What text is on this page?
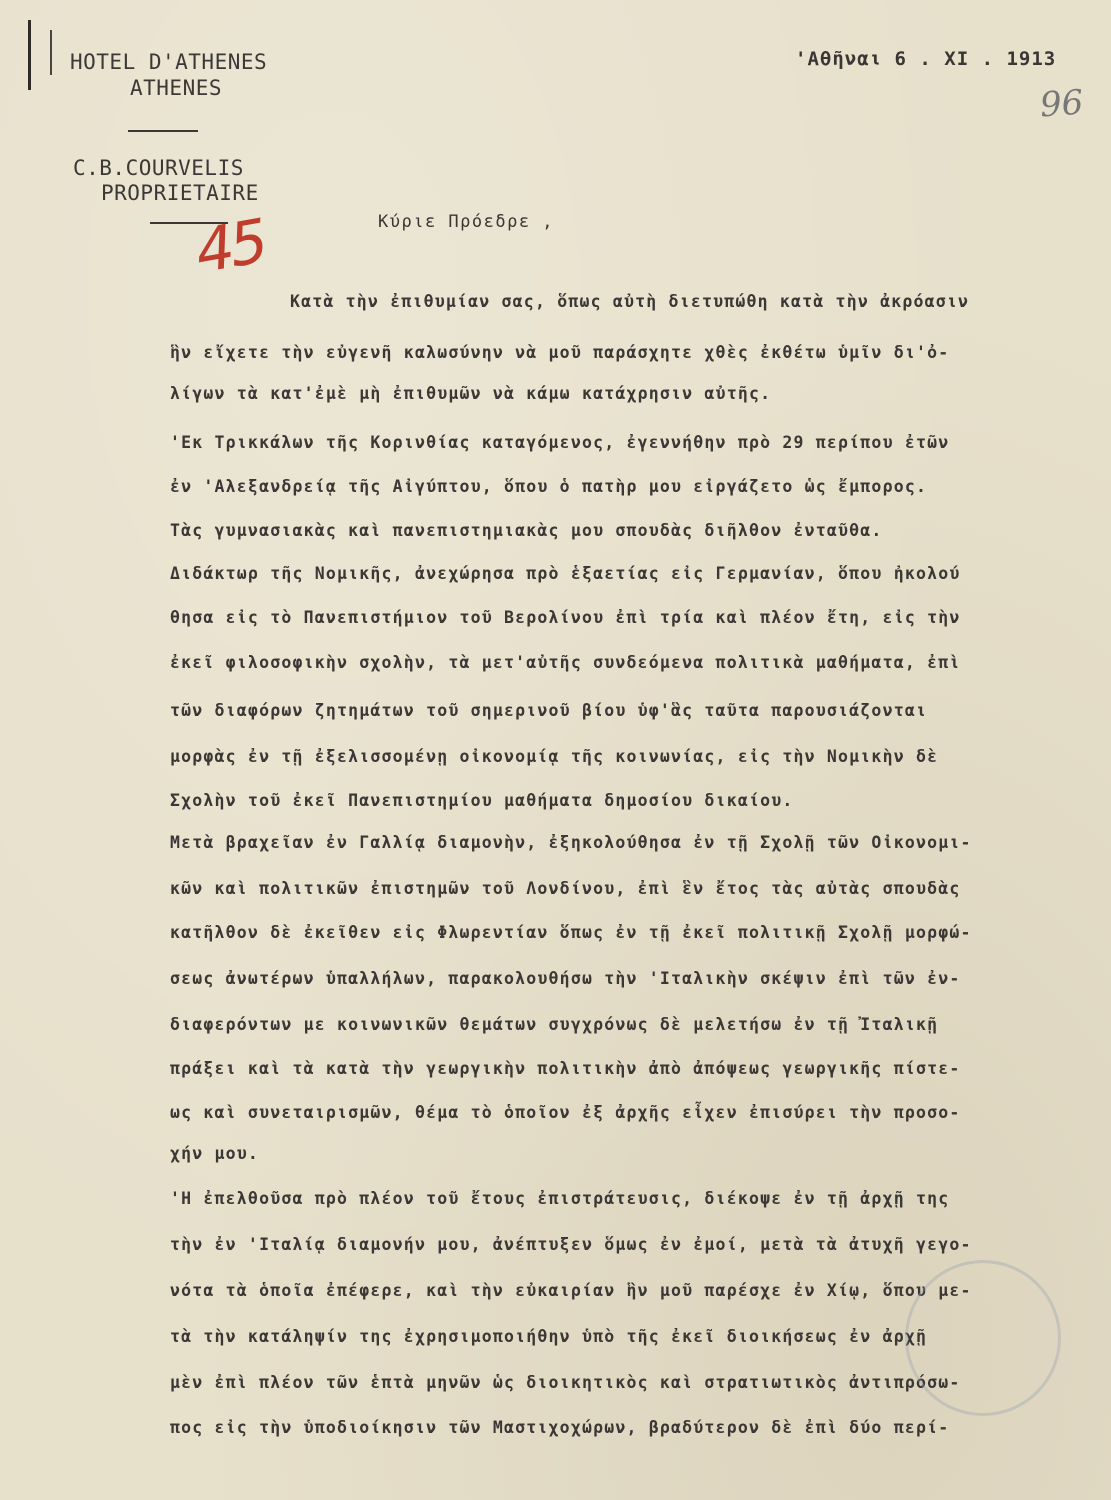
HOTEL D'ATHENES
ATHENES
C.B.COURVELIS
PROPRIETAIRE
'Αθῆναι 6 . XI . 1913
96
45	Κύριε Πρόεδρε ,
Κατὰ τὴν ἐπιθυμίαν σας, ὅπως αὐτὴ διετυπώθη κατὰ τὴν ἀκρόασιν
ἣν εἴχετε τὴν εὐγενῆ καλωσύνην νὰ μοῦ παράσχητε χθὲς ἐκθέτω ὑμῖν δι'ὀ-
λίγων τὰ κατ'ἐμὲ μὴ ἐπιθυμῶν νὰ κάμω κατάχρησιν αὐτῆς.
'Εκ Τρικκάλων τῆς Κορινθίας καταγόμενος, ἐγεννήθην πρὸ 29 περίπου ἐτῶν
ἐν 'Αλεξανδρείᾳ τῆς Αἰγύπτου, ὅπου ὁ πατὴρ μου εἰργάζετο ὡς ἔμπορος.
Τὰς γυμνασιακὰς καὶ πανεπιστημιακὰς μου σπουδὰς διῆλθον ἐνταῦθα.
Διδάκτωρ τῆς Νομικῆς, ἀνεχώρησα πρὸ ἑξαετίας εἰς Γερμανίαν, ὅπου ἠκολού
θησα εἰς τὸ Πανεπιστήμιον τοῦ Βερολίνου ἐπὶ τρία καὶ πλέον ἔτη, εἰς τὴν
ἐκεῖ φιλοσοφικὴν σχολὴν, τὰ μετ'αὐτῆς συνδεόμενα πολιτικὰ μαθήματα, ἐπὶ
τῶν διαφόρων ζητημάτων τοῦ σημερινοῦ βίου ὑφ'ἃς ταῦτα παρουσιάζονται
μορφὰς ἐν τῇ ἐξελισσομένῃ οἰκονομίᾳ τῆς κοινωνίας, εἰς τὴν Νομικὴν δὲ
Σχολὴν τοῦ ἐκεῖ Πανεπιστημίου μαθήματα δημοσίου δικαίου.
Μετὰ βραχεῖαν ἐν Γαλλίᾳ διαμονὴν, ἐξηκολούθησα ἐν τῇ Σχολῇ τῶν Οἰκονομι-
κῶν καὶ πολιτικῶν ἐπιστημῶν τοῦ Λονδίνου, ἐπὶ ἓν ἔτος τὰς αὐτὰς σπουδὰς
κατῆλθον δὲ ἐκεῖθεν εἰς Φλωρεντίαν ὅπως ἐν τῇ ἐκεῖ πολιτικῇ Σχολῇ μορφώ-
σεως ἀνωτέρων ὑπαλλήλων, παρακολουθήσω τὴν 'Ιταλικὴν σκέψιν ἐπὶ τῶν ἐν-
διαφερόντων με κοινωνικῶν θεμάτων συγχρόνως δὲ μελετήσω ἐν τῇ Ἰταλικῇ
πράξει καὶ τὰ κατὰ τὴν γεωργικὴν πολιτικὴν ἀπὸ ἀπόψεως γεωργικῆς πίστε-
ως καὶ συνεταιρισμῶν, θέμα τὸ ὁποῖον ἐξ ἀρχῆς εἶχεν ἐπισύρει τὴν προσο-
χήν μου.
'Η ἐπελθοῦσα πρὸ πλέον τοῦ ἔτους ἐπιστράτευσις, διέκοψε ἐν τῇ ἀρχῇ της
τὴν ἐν 'Ιταλίᾳ διαμονήν μου, ἀνέπτυξεν ὅμως ἐν ἐμοί, μετὰ τὰ ἀτυχῆ γεγο-
νότα τὰ ὁποῖα ἐπέφερε, καὶ τὴν εὐκαιρίαν ἣν μοῦ παρέσχε ἐν Χίῳ, ὅπου με-
τὰ τὴν κατάληψίν της ἐχρησιμοποιήθην ὑπὸ τῆς ἐκεῖ διοικήσεως ἐν ἀρχῇ
μὲν ἐπὶ πλέον τῶν ἑπτὰ μηνῶν ὡς διοικητικὸς καὶ στρατιωτικὸς ἀντιπρόσω-
πος εἰς τὴν ὑποδιοίκησιν τῶν Μαστιχοχώρων, βραδύτερον δὲ ἐπὶ δύο περί-
